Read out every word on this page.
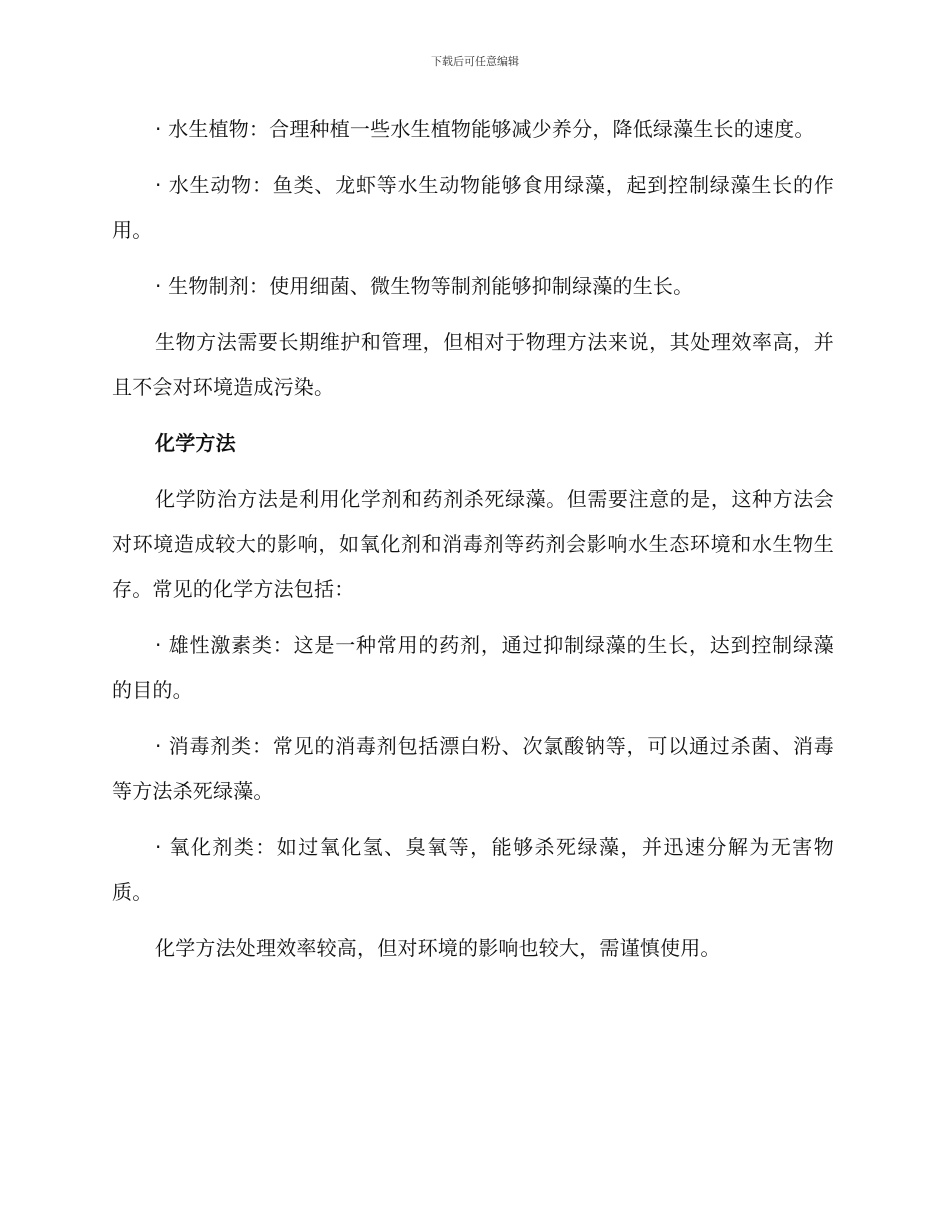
下载后可任意编辑

· 水生植物：合理种植一些水生植物能够减少养分，降低绿藻生长的速度。

· 水生动物：鱼类、龙虾等水生动物能够食用绿藻，起到控制绿藻生长的作用。

· 生物制剂：使用细菌、微生物等制剂能够抑制绿藻的生长。

生物方法需要长期维护和管理，但相对于物理方法来说，其处理效率高，并且不会对环境造成污染。

化学方法

化学防治方法是利用化学剂和药剂杀死绿藻。但需要注意的是，这种方法会对环境造成较大的影响，如氧化剂和消毒剂等药剂会影响水生态环境和水生物生存。常见的化学方法包括：

· 雄性激素类：这是一种常用的药剂，通过抑制绿藻的生长，达到控制绿藻的目的。

· 消毒剂类：常见的消毒剂包括漂白粉、次氯酸钠等，可以通过杀菌、消毒等方法杀死绿藻。

· 氧化剂类：如过氧化氢、臭氧等，能够杀死绿藻，并迅速分解为无害物质。

化学方法处理效率较高，但对环境的影响也较大，需谨慎使用。
